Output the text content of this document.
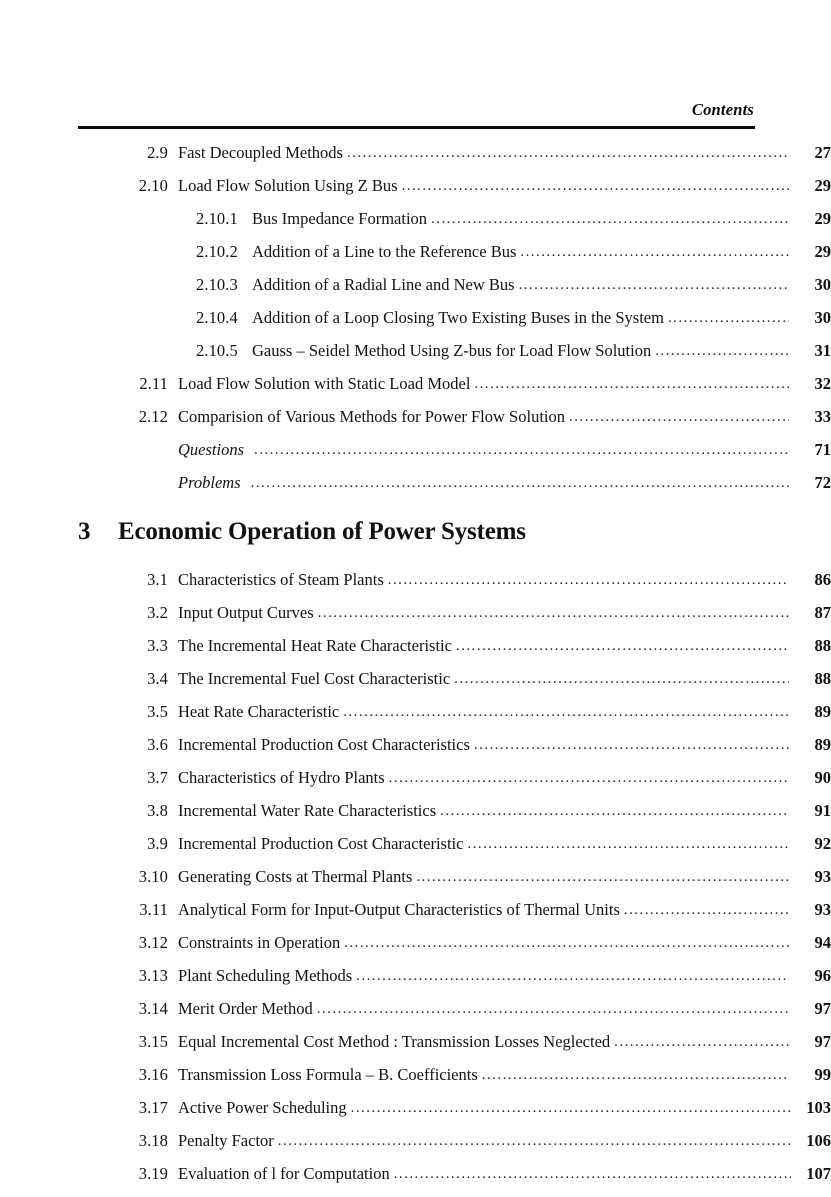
Contents
2.9 Fast Decoupled Methods .....	27
2.10 Load Flow Solution Using Z Bus .....	29
2.10.1 Bus Impedance Formation .....	29
2.10.2 Addition of a Line to the Reference Bus .....	29
2.10.3 Addition of a Radial Line and New Bus .....	30
2.10.4 Addition of a Loop Closing Two Existing Buses in the System .....	30
2.10.5 Gauss – Seidel Method Using Z-bus for Load Flow Solution .....	31
2.11 Load Flow Solution with Static Load Model .....	32
2.12 Comparision of Various Methods for Power Flow Solution .....	33
Questions .....	71
Problems .....	72
3	Economic Operation of Power Systems
3.1 Characteristics of Steam Plants .....	86
3.2 Input Output Curves .....	87
3.3 The Incremental Heat Rate Characteristic .....	88
3.4 The Incremental Fuel Cost Characteristic .....	88
3.5 Heat Rate Characteristic .....	89
3.6 Incremental Production Cost Characteristics .....	89
3.7 Characteristics of Hydro Plants .....	90
3.8 Incremental Water Rate Characteristics .....	91
3.9 Incremental Production Cost Characteristic .....	92
3.10 Generating Costs at Thermal Plants .....	93
3.11 Analytical Form for Input-Output Characteristics of Thermal Units .....	93
3.12 Constraints in Operation .....	94
3.13 Plant Scheduling Methods .....	96
3.14 Merit Order Method .....	97
3.15 Equal Incremental Cost Method : Transmission Losses Neglected .....	97
3.16 Transmission Loss Formula – B. Coefficients .....	99
3.17 Active Power Scheduling .....	103
3.18 Penalty Factor .....	106
3.19 Evaluation of l for Computation .....	107
